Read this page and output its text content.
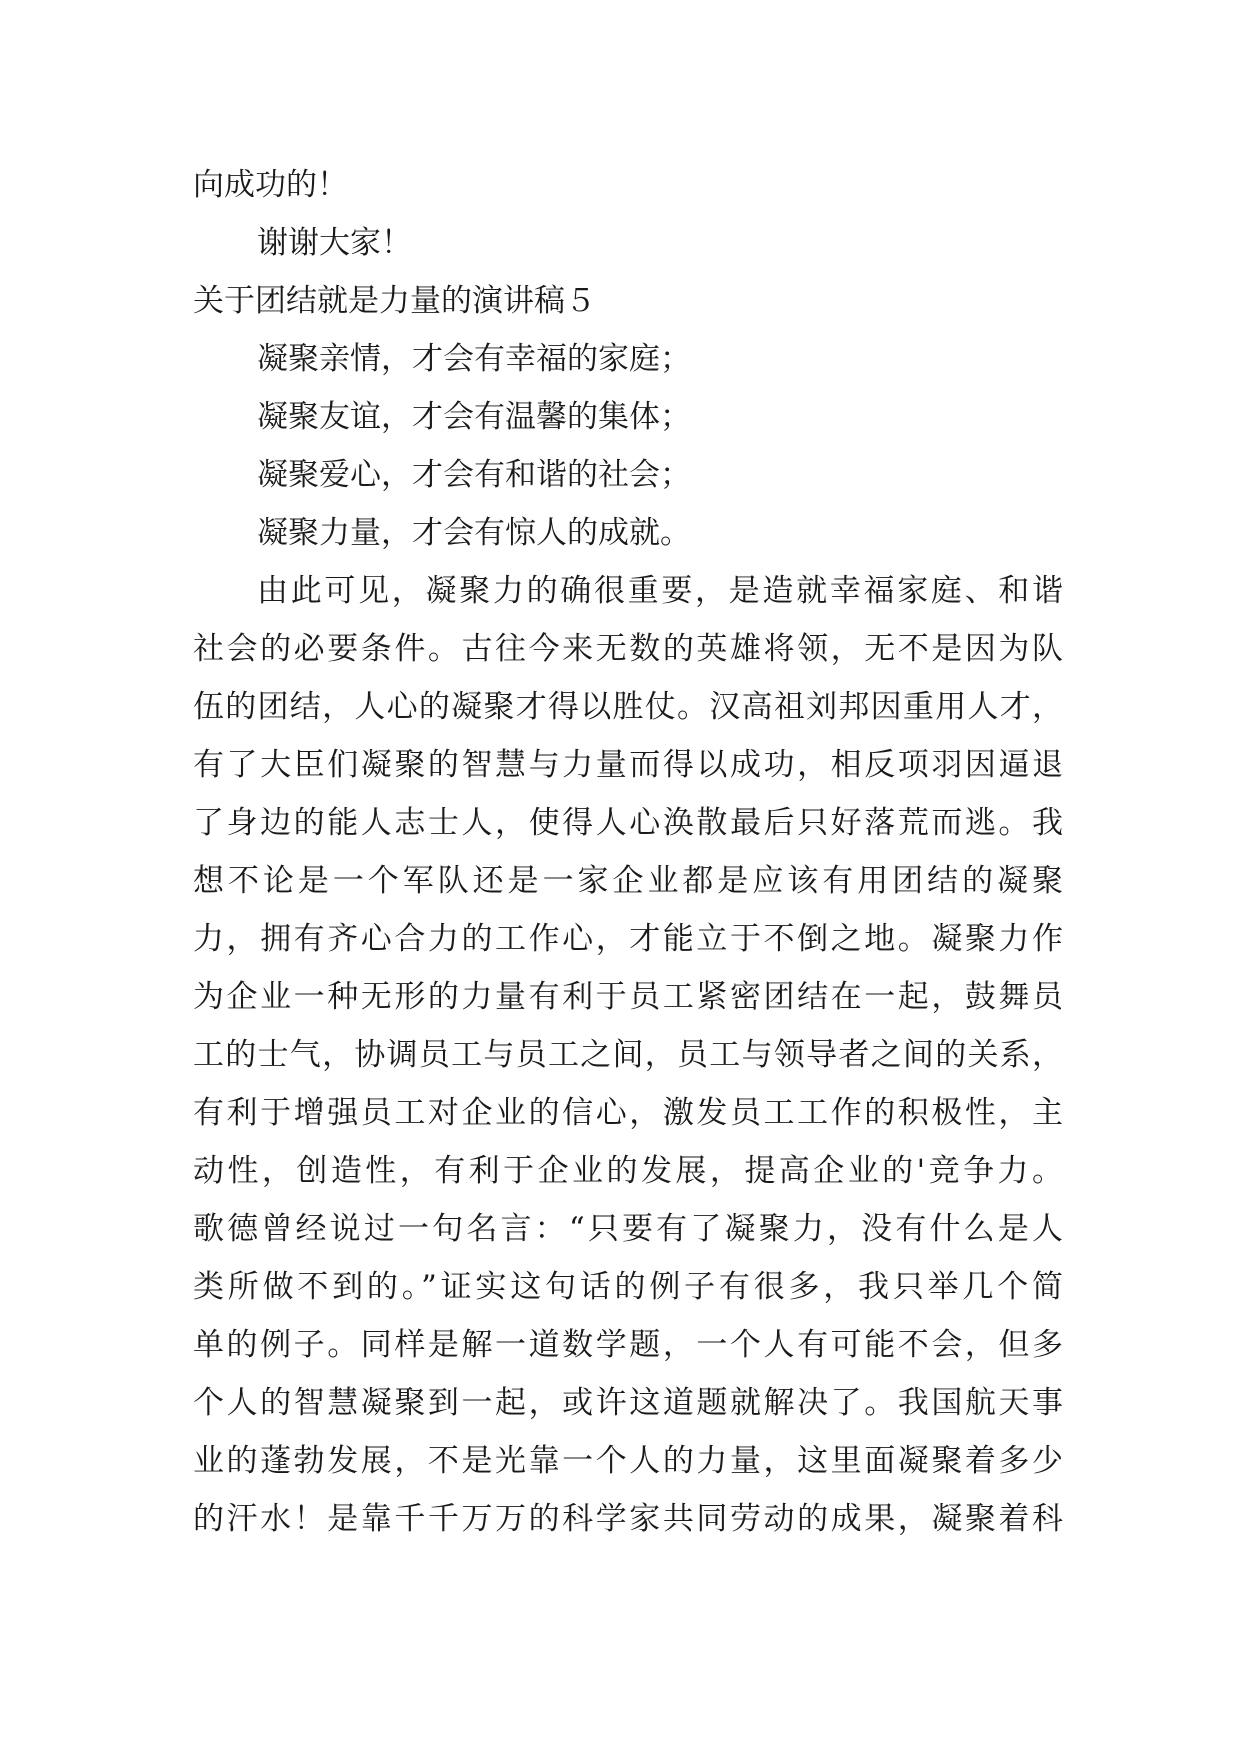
向成功的！
谢谢大家！
关于团结就是力量的演讲稿５
凝聚亲情，才会有幸福的家庭；
凝聚友谊，才会有温馨的集体；
凝聚爱心，才会有和谐的社会；
凝聚力量，才会有惊人的成就。
由此可见，凝聚力的确很重要，是造就幸福家庭、和谐
社会的必要条件。古往今来无数的英雄将领，无不是因为队
伍的团结，人心的凝聚才得以胜仗。汉高祖刘邦因重用人才，
有了大臣们凝聚的智慧与力量而得以成功，相反项羽因逼退
了身边的能人志士人，使得人心涣散最后只好落荒而逃。我
想不论是一个军队还是一家企业都是应该有用团结的凝聚
力，拥有齐心合力的工作心，才能立于不倒之地。凝聚力作
为企业一种无形的力量有利于员工紧密团结在一起，鼓舞员
工的士气，协调员工与员工之间，员工与领导者之间的关系，
有利于增强员工对企业的信心，激发员工工作的积极性，主
动性，创造性，有利于企业的发展，提高企业的'竞争力。
歌德曾经说过一句名言：“只要有了凝聚力，没有什么是人
类所做不到的。”证实这句话的例子有很多，我只举几个简
单的例子。同样是解一道数学题，一个人有可能不会，但多
个人的智慧凝聚到一起，或许这道题就解决了。我国航天事
业的蓬勃发展，不是光靠一个人的力量，这里面凝聚着多少
的汗水！是靠千千万万的科学家共同劳动的成果，凝聚着科
